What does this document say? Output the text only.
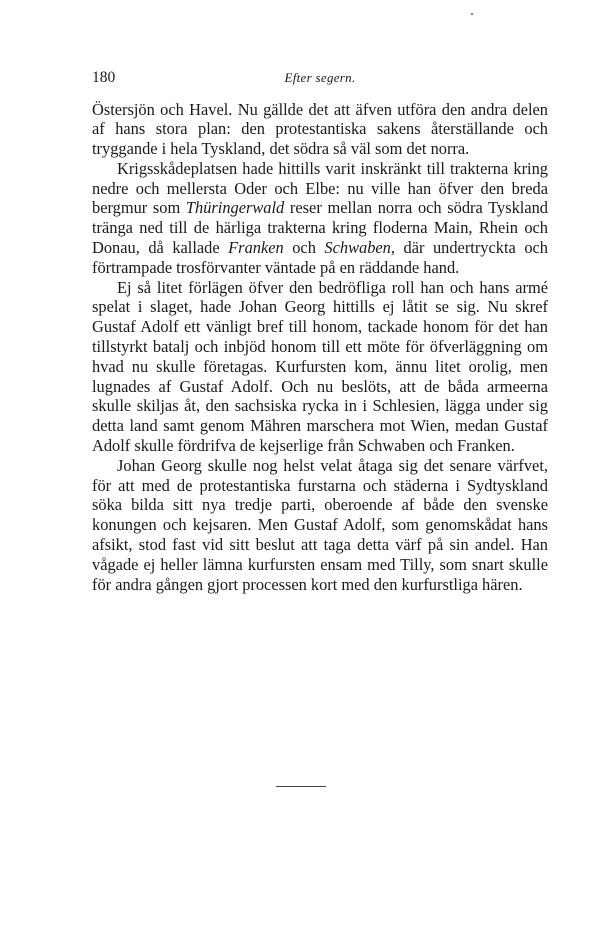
180	Efter segern.

Östersjön och Havel. Nu gällde det att äfven utföra den andra delen af hans stora plan: den protestantiska sakens återställande och tryggande i hela Tyskland, det södra så väl som det norra.

Krigsskådeplatsen hade hittills varit inskränkt till trakterna kring nedre och mellersta Oder och Elbe: nu ville han öfver den breda bergmur som Thüringerwald reser mellan norra och södra Tyskland tränga ned till de härliga trakterna kring floderna Main, Rhein och Donau, då kallade Franken och Schwaben, där undertryckta och förtrampade trosförvanter väntade på en räddande hand.

Ej så litet förlägen öfver den bedröfliga roll han och hans armé spelat i slaget, hade Johan Georg hittills ej låtit se sig. Nu skref Gustaf Adolf ett vänligt bref till honom, tackade honom för det han tillstyrkt batalj och inbjöd honom till ett möte för öfverläggning om hvad nu skulle företagas. Kurfursten kom, ännu litet orolig, men lugnades af Gustaf Adolf. Och nu beslöts, att de båda armeerna skulle skiljas åt, den sachsiska rycka in i Schlesien, lägga under sig detta land samt genom Mähren marschera mot Wien, medan Gustaf Adolf skulle fördrifva de kejserlige från Schwaben och Franken.

Johan Georg skulle nog helst velat åtaga sig det senare värfvet, för att med de protestantiska furstarna och städerna i Sydtyskland söka bilda sitt nya tredje parti, oberoende af både den svenske konungen och kejsaren. Men Gustaf Adolf, som genomskådat hans afsikt, stod fast vid sitt beslut att taga detta värf på sin andel. Han vågade ej heller lämna kurfursten ensam med Tilly, som snart skulle för andra gången gjort processen kort med den kurfurstliga hären.
